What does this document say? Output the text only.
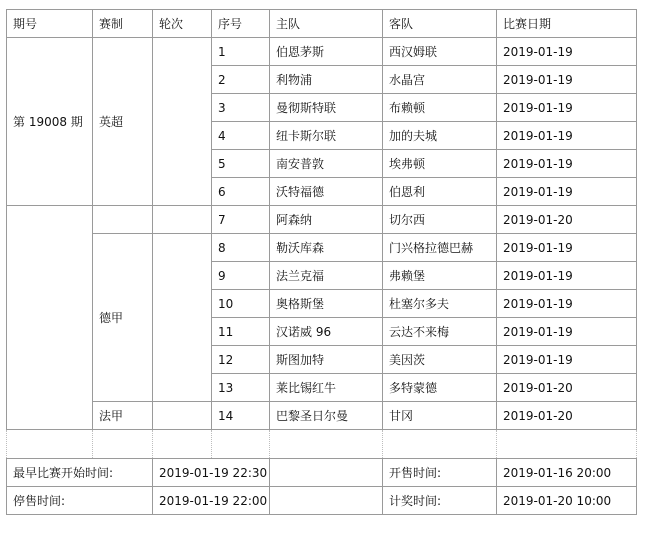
期号	赛制	轮次	序号	主队	客队	比赛日期
第 19008 期	英超		1	伯恩茅斯	西汉姆联	2019-01-19
			2	利物浦	水晶宫	2019-01-19
			3	曼彻斯特联	布赖顿	2019-01-19
			4	纽卡斯尔联	加的夫城	2019-01-19
			5	南安普敦	埃弗顿	2019-01-19
			6	沃特福德	伯恩利	2019-01-19
			7	阿森纳	切尔西	2019-01-20
	德甲		8	勒沃库森	门兴格拉德巴赫	2019-01-19
			9	法兰克福	弗赖堡	2019-01-19
			10	奥格斯堡	杜塞尔多夫	2019-01-19
			11	汉诺威 96	云达不来梅	2019-01-19
			12	斯图加特	美因茨	2019-01-19
			13	莱比锡红牛	多特蒙德	2019-01-20
	法甲		14	巴黎圣日尔曼	甘冈	2019-01-20

最早比赛开始时间:		2019-01-19 22:30			开售时间:	2019-01-16 20:00
停售时间:		2019-01-19 22:00			计奖时间:	2019-01-20 10:00
